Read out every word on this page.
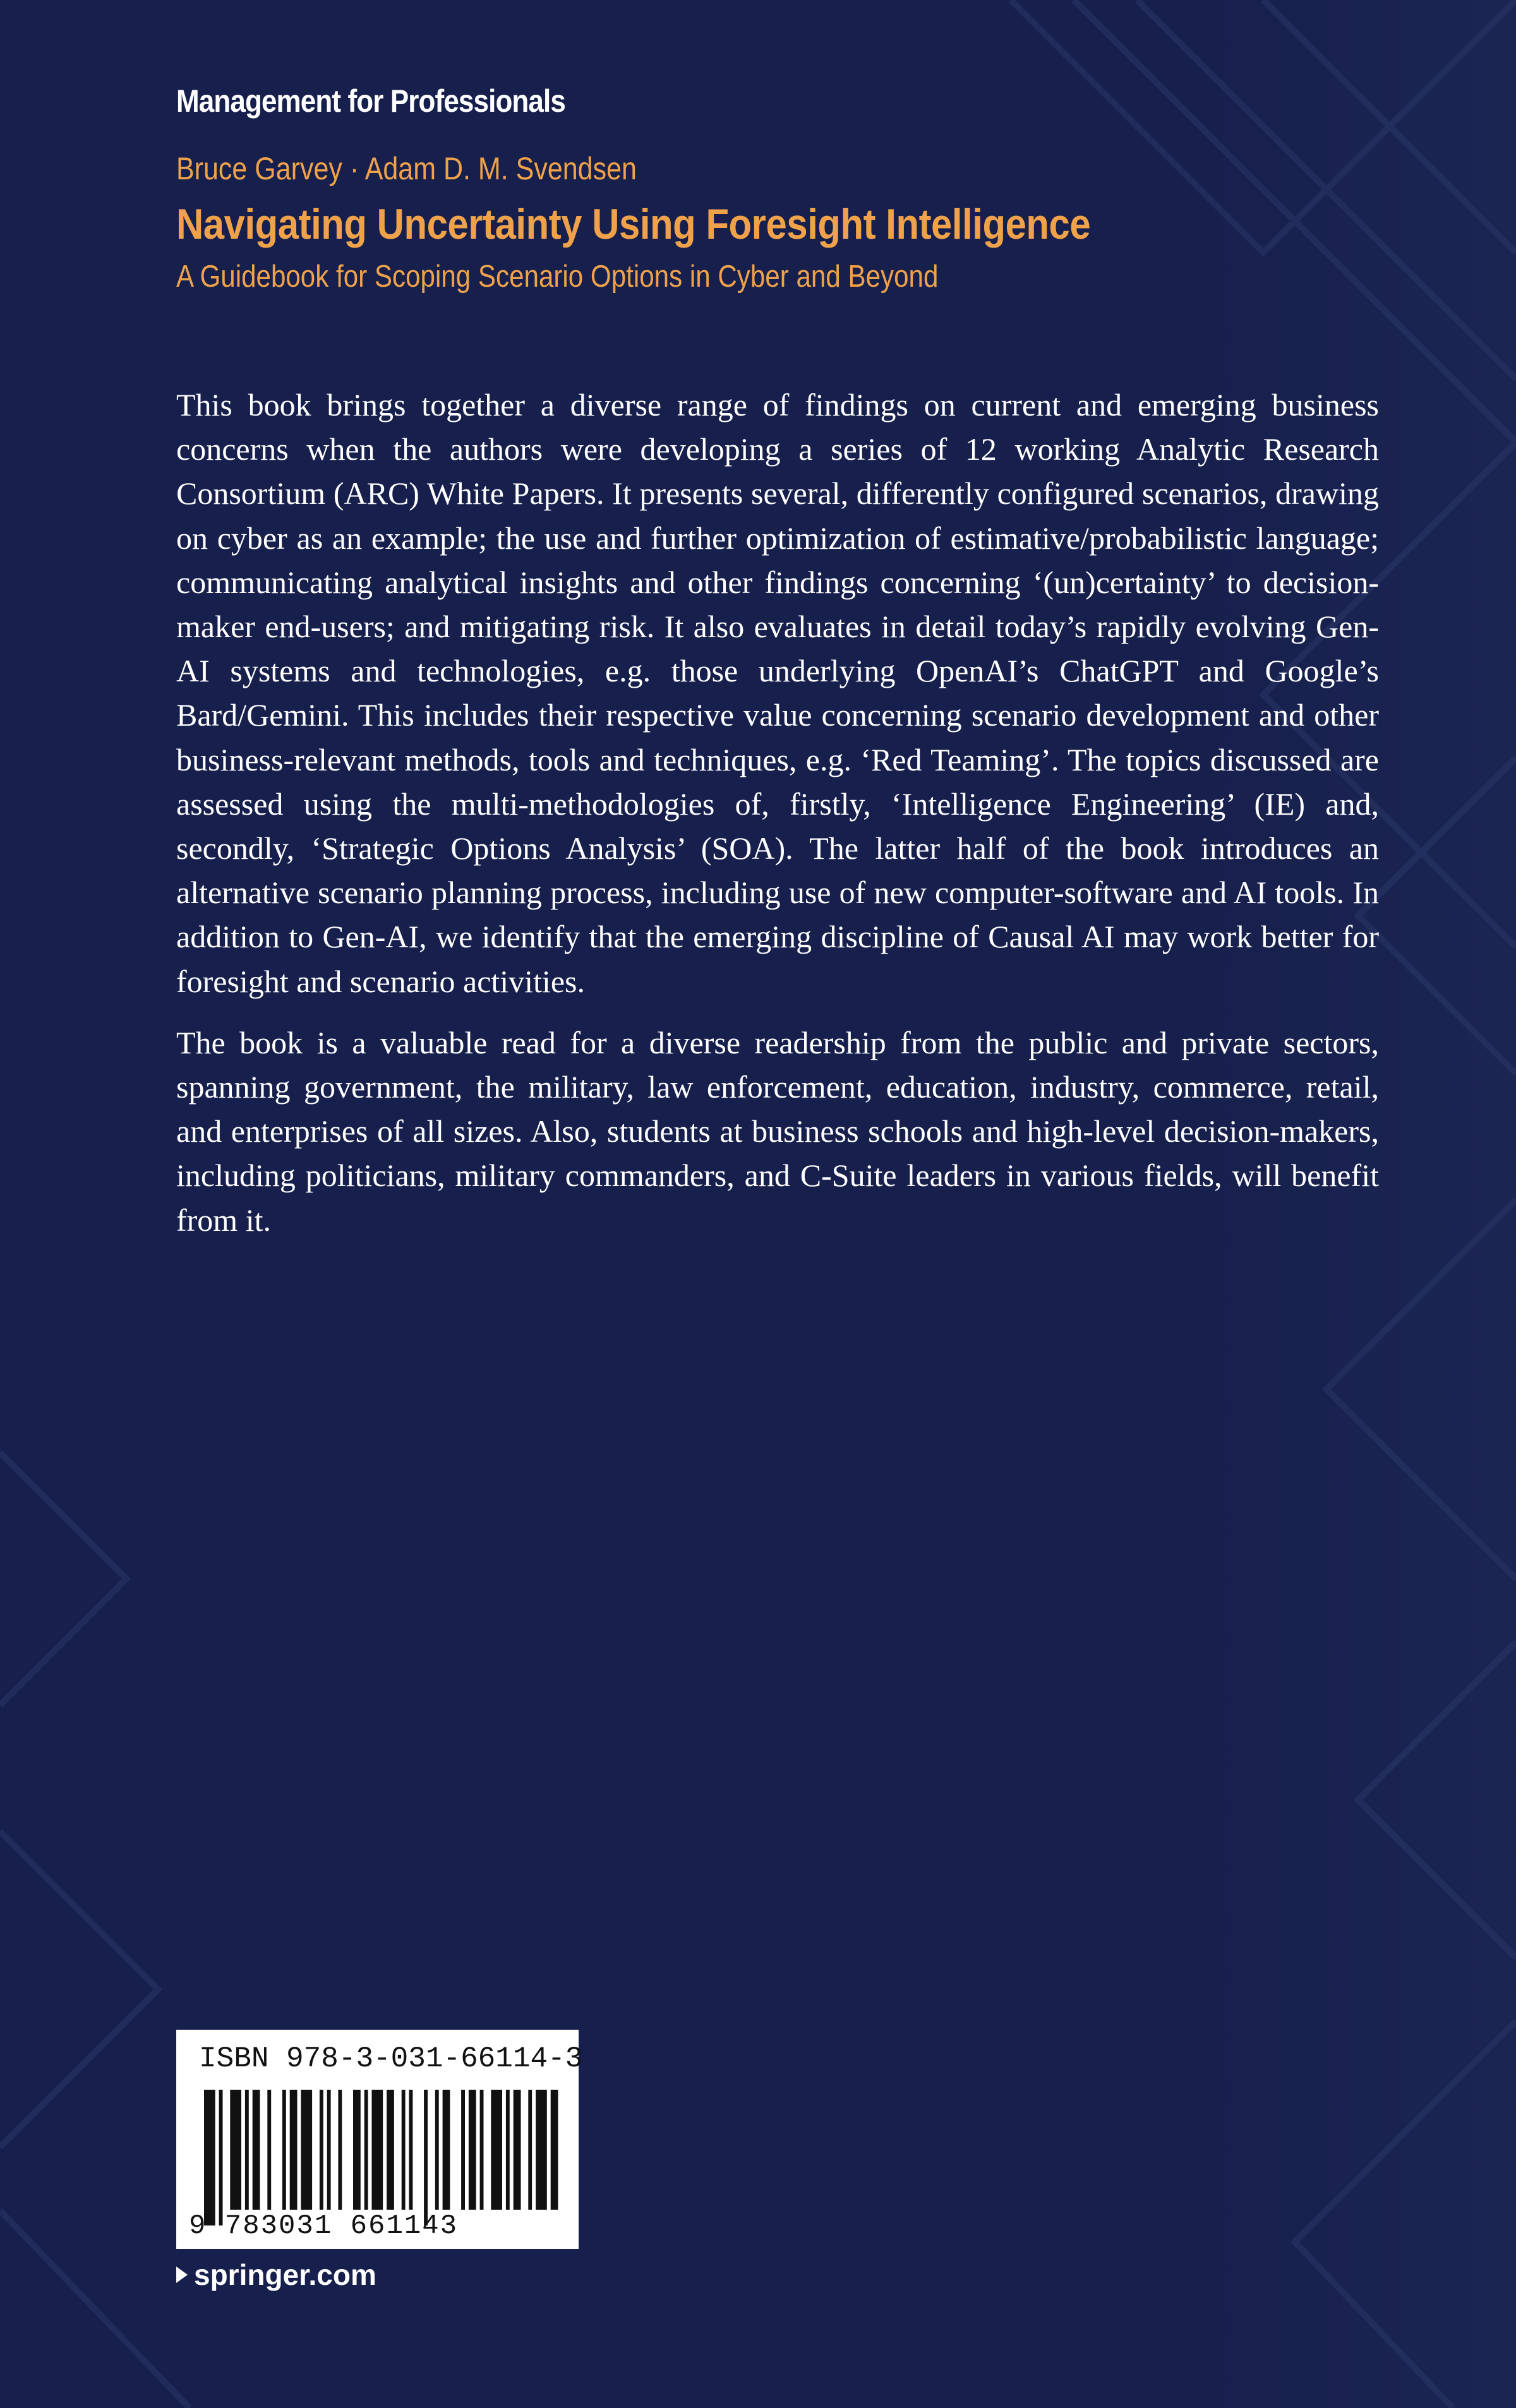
Management for Professionals
Bruce Garvey · Adam D. M. Svendsen
Navigating Uncertainty Using Foresight Intelligence
A Guidebook for Scoping Scenario Options in Cyber and Beyond

This book brings together a diverse range of findings on current and emerging business concerns when the authors were developing a series of 12 working Analytic Research Consortium (ARC) White Papers. It presents several, differently configured scenarios, drawing on cyber as an example; the use and further optimization of estimative/probabilistic language; communicating analytical insights and other findings concerning ‘(un)certainty’ to decision-maker end-users; and mitigating risk. It also evaluates in detail today’s rapidly evolving Gen-AI systems and technologies, e.g. those underlying OpenAI’s ChatGPT and Google’s Bard/Gemini. This includes their respective value concerning scenario development and other business-relevant methods, tools and techniques, e.g. ‘Red Teaming’. The topics discussed are assessed using the multi-methodologies of, firstly, ‘Intelligence Engineering’ (IE) and, secondly, ‘Strategic Options Analysis’ (SOA). The latter half of the book introduces an alternative scenario planning process, including use of new computer-software and AI tools. In addition to Gen-AI, we identify that the emerging discipline of Causal AI may work better for foresight and scenario activities.

The book is a valuable read for a diverse readership from the public and private sectors, spanning government, the military, law enforcement, education, industry, commerce, retail, and enterprises of all sizes. Also, students at business schools and high-level decision-makers, including politicians, military commanders, and C-Suite leaders in various fields, will benefit from it.

ISBN 978-3-031-66114-3
9 783031 661143
springer.com
